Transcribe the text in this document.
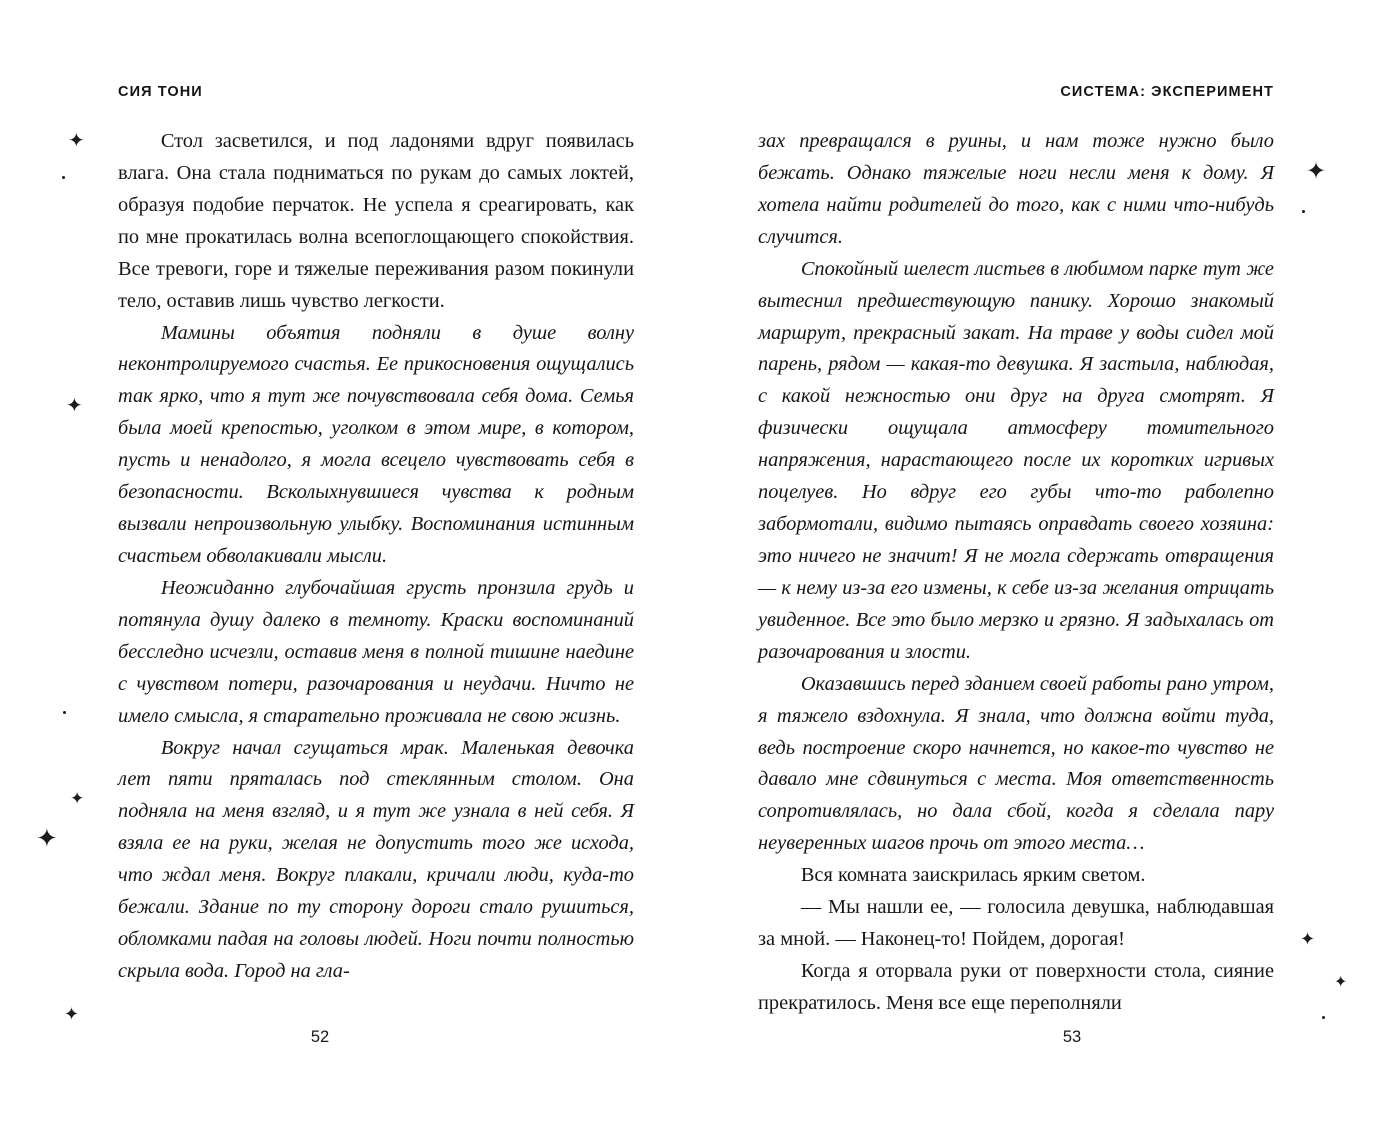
СИЯ ТОНИ

Стол засветился, и под ладонями вдруг появилась влага. Она стала подниматься по рукам до самых локтей, образуя подобие перчаток. Не успела я среагировать, как по мне прокатилась волна всепоглощающего спокойствия. Все тревоги, горе и тяжелые переживания разом покинули тело, оставив лишь чувство легкости.

Мамины объятия подняли в душе волну неконтролируемого счастья. Ее прикосновения ощущались так ярко, что я тут же почувствовала себя дома. Семья была моей крепостью, уголком в этом мире, в котором, пусть и ненадолго, я могла всецело чувствовать себя в безопасности. Всколыхнувшиеся чувства к родным вызвали непроизвольную улыбку. Воспоминания истинным счастьем обволакивали мысли.

Неожиданно глубочайшая грусть пронзила грудь и потянула душу далеко в темноту. Краски воспоминаний бесследно исчезли, оставив меня в полной тишине наедине с чувством потери, разочарования и неудачи. Ничто не имело смысла, я старательно проживала не свою жизнь.

Вокруг начал сгущаться мрак. Маленькая девочка лет пяти пряталась под стеклянным столом. Она подняла на меня взгляд, и я тут же узнала в ней себя. Я взяла ее на руки, желая не допустить того же исхода, что ждал меня. Вокруг плакали, кричали люди, куда-то бежали. Здание по ту сторону дороги стало рушиться, обломками падая на головы людей. Ноги почти полностью скрыла вода. Город на гла-

52
СИСТЕМА: ЭКСПЕРИМЕНТ

зах превращался в руины, и нам тоже нужно было бежать. Однако тяжелые ноги несли меня к дому. Я хотела найти родителей до того, как с ними что-нибудь случится.

Спокойный шелест листьев в любимом парке тут же вытеснил предшествующую панику. Хорошо знакомый маршрут, прекрасный закат. На траве у воды сидел мой парень, рядом — какая-то девушка. Я застыла, наблюдая, с какой нежностью они друг на друга смотрят. Я физически ощущала атмосферу томительного напряжения, нарастающего после их коротких игривых поцелуев. Но вдруг его губы что-то раболепно забормотали, видимо пытаясь оправдать своего хозяина: это ничего не значит! Я не могла сдержать отвращения — к нему из-за его измены, к себе из-за желания отрицать увиденное. Все это было мерзко и грязно. Я задыхалась от разочарования и злости.

Оказавшись перед зданием своей работы рано утром, я тяжело вздохнула. Я знала, что должна войти туда, ведь построение скоро начнется, но какое-то чувство не давало мне сдвинуться с места. Моя ответственность сопротивлялась, но дала сбой, когда я сделала пару неуверенных шагов прочь от этого места…

Вся комната заискрилась ярким светом.

— Мы нашли ее, — голосила девушка, наблюдавшая за мной. — Наконец-то! Пойдем, дорогая!

Когда я оторвала руки от поверхности стола, сияние прекратилось. Меня все еще переполняли

53
✦
✦
✦
✦
✦
✦
✦
✦
